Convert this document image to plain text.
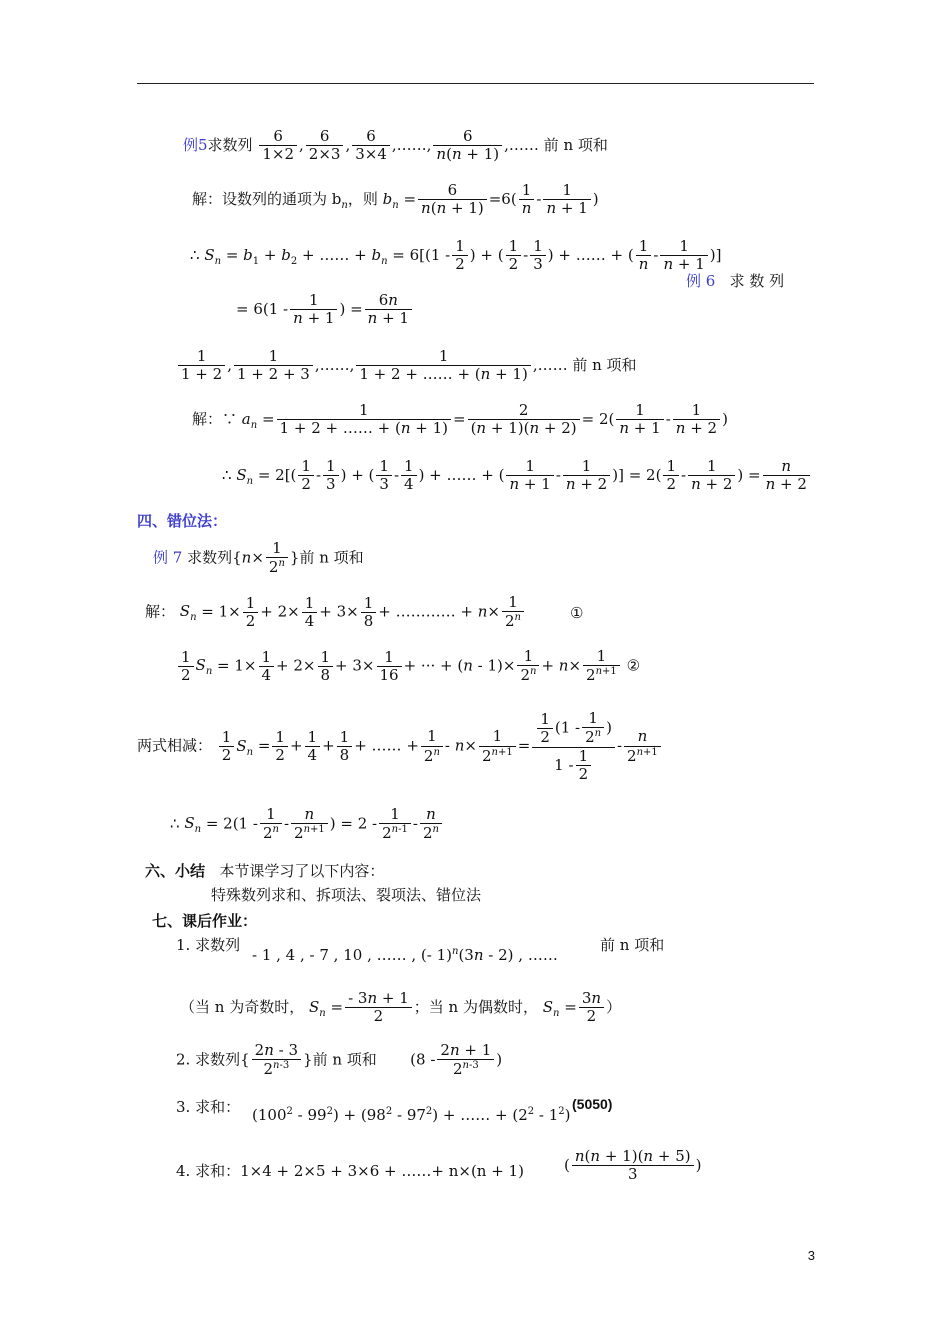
例5求数列 $\frac{6}{1\times 2}$ , $\frac{6}{2\times 3}$ , $\frac{6}{3\times 4}$ ,……, $\frac{6}{n(n + 1)}$ ,…… 前 n 项和
解：设数列的通项为 $b_n$，则 $b_n = \frac{6}{n(n + 1)} =6( \frac{1}{n} - \frac{1}{n + 1}$ )
∴ $S_n = b_1 + b_2$ + …… + $b_n = 6[(1 - \frac{1}{2}$ ) + ( $\frac{1}{2} - \frac{1}{3}$ ) + …… + ( $\frac{1}{n} - \frac{1}{n + 1}$ )]
例 6 求 数 列
= $6(1 - \frac{1}{n + 1}$ ) = $\frac{6n}{n + 1}$
$\frac{1}{1 + 2}$ , $\frac{1}{1 + 2 + 3}$ ,……, $\frac{1}{1 + 2 + \dots\dots + (n + 1)}$ ,…… 前 n 项和
解：∵ $a_n = \frac{1}{1 + 2 + \dots\dots + (n + 1)} = \frac{2}{(n + 1)(n + 2)} = 2( \frac{1}{n + 1} - \frac{1}{n + 2}$ )
∴ $S_n = 2[( \frac{1}{2} - \frac{1}{3}$ ) + ( $\frac{1}{3} - \frac{1}{4}$ ) + …… + ( $\frac{1}{n + 1} - \frac{1}{n + 2}$ )] = $2( \frac{1}{2} - \frac{1}{n + 2}$ ) = $\frac{n}{n + 2}$
四、错位法：
例 7 求数列{$n\times \frac{1}{2^n}$ }前 n 项和
解： $S_n = 1\times \frac{1}{2} + 2\times \frac{1}{4} + 3\times \frac{1}{8}$ + ………… + $n\times \frac{1}{2^n}$	①
$\frac{1}{2} S_n = 1\times \frac{1}{4} + 2\times \frac{1}{8} + 3\times \frac{1}{16}$ + ··· + $(n - 1)\times \frac{1}{2^n} + n\times \frac{1}{2^{n+1}}$ ②
两式相减： $\frac{1}{2} S_n = \frac{1}{2} + \frac{1}{4} + \frac{1}{8}$ + …… + $\frac{1}{2^n} - n\times \frac{1}{2^{n+1}} = \frac{\frac{1}{2} (1 - \frac{1}{2^n} )}{1 - \frac{1}{2}} - \frac{n}{2^{n+1}}$
∴ $S_n = 2(1 - \frac{1}{2^n} - \frac{n}{2^{n+1}}$ ) = $2 - \frac{1}{2^{n-1}} - \frac{n}{2^n}$
六、小结 本节课学习了以下内容：
特殊数列求和、拆项法、裂项法、错位法
七、课后作业：
1. 求数列
- 1 , 4 , - 7 , 10 , …… , (- 1)$^n$(3n - 2) , ……
前 n 项和
（当 n 为奇数时， $S_n = \frac{- 3n + 1}{2}$ ；当 n 为偶数时， $S_n = \frac{3n}{2}$ ）
2. 求数列{ $\frac{2n - 3}{2^{n-3}}$ }前 n 项和       ($8 - \frac{2n + 1}{2^{n-3}}$ )
3. 求和： $(100^2 - 99^2) + (98^2 - 97^2)$ + …… + $(2^2 - 1^2)$
(5050)
4. 求和：1×4 + 2×5 + 3×6 + ……+ n×(n + 1)	( $\frac{n(n + 1)(n + 5)}{3}$ )
3
